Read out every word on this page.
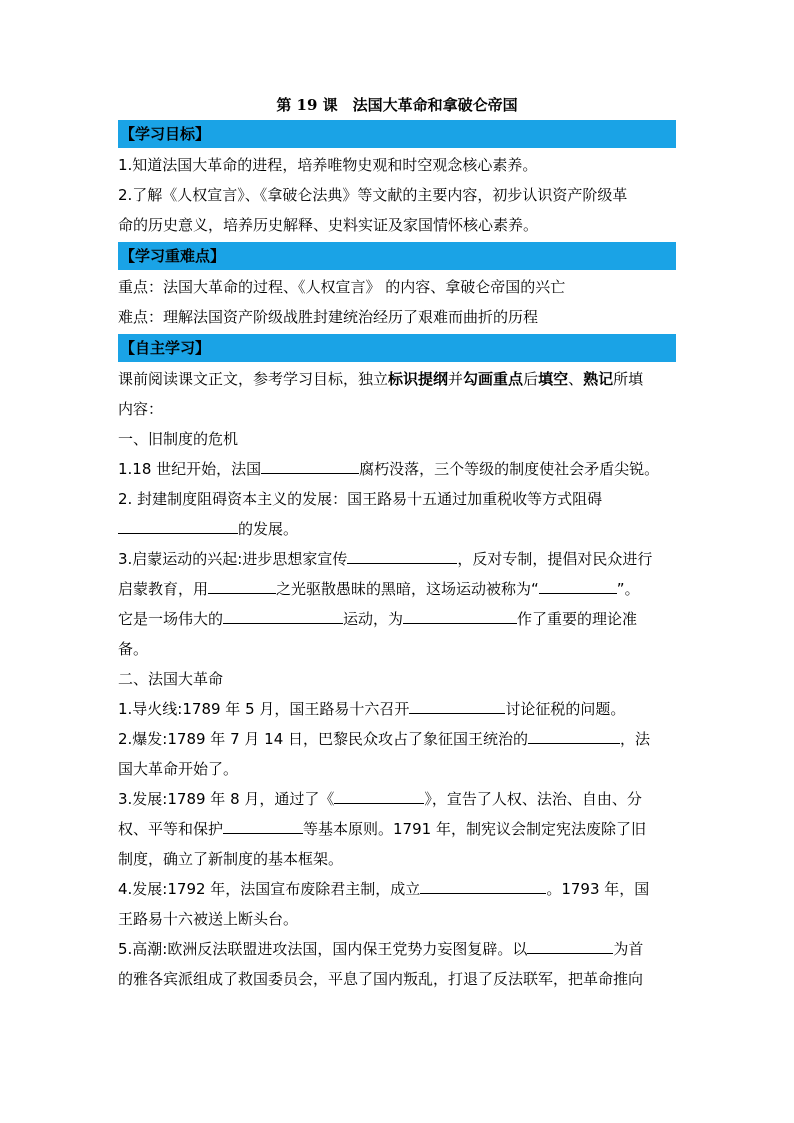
第 19 课　法国大革命和拿破仑帝国
【学习目标】
1.知道法国大革命的进程，培养唯物史观和时空观念核心素养。
2.了解《人权宣言》、《拿破仑法典》等文献的主要内容，初步认识资产阶级革
命的历史意义，培养历史解释、史料实证及家国情怀核心素养。
【学习重难点】
重点：法国大革命的过程、《人权宣言》 的内容、拿破仑帝国的兴亡
难点：理解法国资产阶级战胜封建统治经历了艰难而曲折的历程
【自主学习】
课前阅读课文正文，参考学习目标，独立标识提纲并勾画重点后填空、熟记所填
内容：
一、旧制度的危机
1.18 世纪开始，法国	腐朽没落，三个等级的制度使社会矛盾尖锐。
2. 封建制度阻碍资本主义的发展：国王路易十五通过加重税收等方式阻碍
的发展。
3.启蒙运动的兴起:进步思想家宣传	，反对专制，提倡对民众进行
启蒙教育，用	之光驱散愚昧的黑暗，这场运动被称为“	”。
它是一场伟大的	运动，为	作了重要的理论准
备。
二、法国大革命
1.导火线:1789 年 5 月，国王路易十六召开	讨论征税的问题。
2.爆发:1789 年 7 月 14 日，巴黎民众攻占了象征国王统治的	，法
国大革命开始了。
3.发展:1789 年 8 月，通过了《	》，宣告了人权、法治、自由、分
权、平等和保护	等基本原则。1791 年，制宪议会制定宪法废除了旧
制度，确立了新制度的基本框架。
4.发展:1792 年，法国宣布废除君主制，成立	。1793 年，国
王路易十六被送上断头台。
5.高潮:欧洲反法联盟进攻法国，国内保王党势力妄图复辟。以	为首
的雅各宾派组成了救国委员会，平息了国内叛乱，打退了反法联军，把革命推向
